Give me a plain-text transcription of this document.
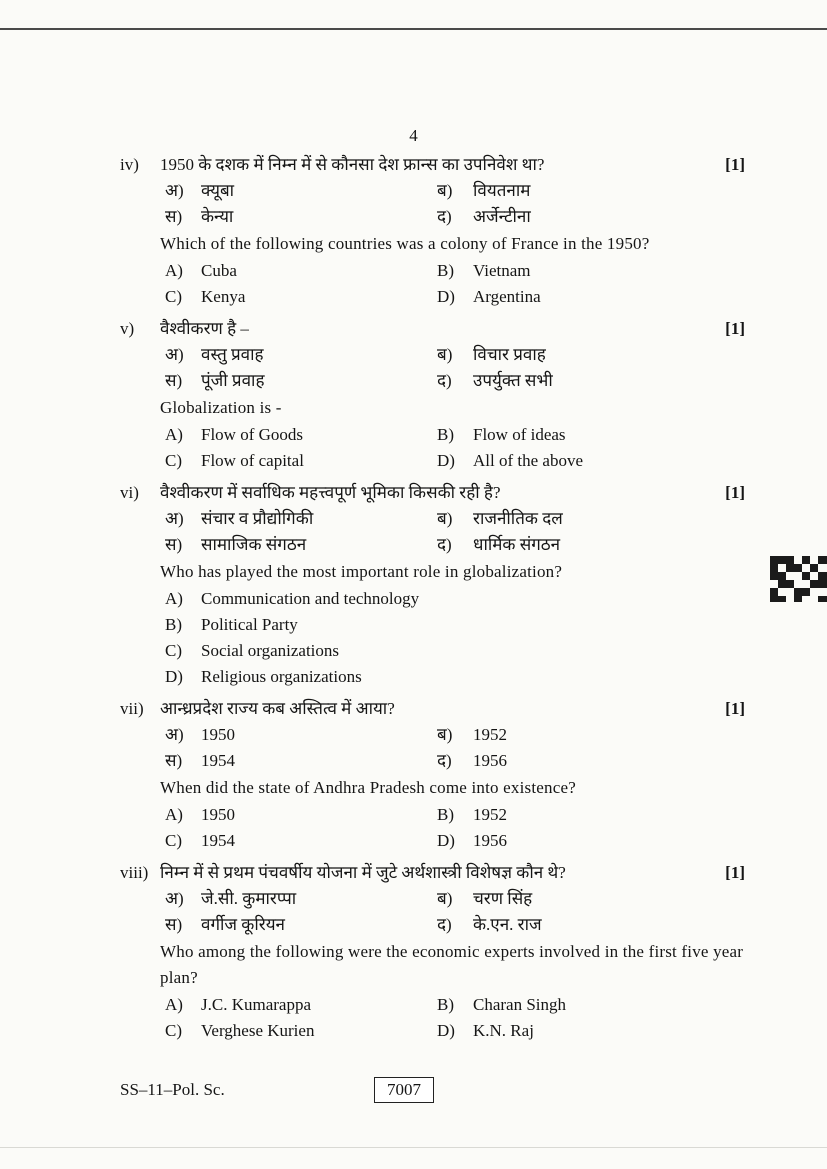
4
iv)	1950 के दशक में निम्न में से कौनसा देश फ्रान्स का उपनिवेश था?	[1]
अ)	क्यूबा	ब)	वियतनाम
स)	केन्या	द)	अर्जेन्टीना
Which of the following countries was a colony of France in the 1950?
A)	Cuba	B)	Vietnam
C)	Kenya	D)	Argentina
v)	वैश्वीकरण है –	[1]
अ)	वस्तु प्रवाह	ब)	विचार प्रवाह
स)	पूंजी प्रवाह	द)	उपर्युक्त सभी
Globalization is -
A)	Flow of Goods	B)	Flow of ideas
C)	Flow of capital	D)	All of the above
vi)	वैश्वीकरण में सर्वाधिक महत्त्वपूर्ण भूमिका किसकी रही है?	[1]
अ)	संचार व प्रौद्योगिकी	ब)	राजनीतिक दल
स)	सामाजिक संगठन	द)	धार्मिक संगठन
Who has played the most important role in globalization?
A)	Communication and technology
B)	Political Party
C)	Social organizations
D)	Religious organizations
vii) आन्ध्रप्रदेश राज्य कब अस्तित्व में आया?	[1]
अ)	1950	ब)	1952
स)	1954	द)	1956
When did the state of Andhra Pradesh come into existence?
A)	1950	B)	1952
C)	1954	D)	1956
viii) निम्न में से प्रथम पंचवर्षीय योजना में जुटे अर्थशास्त्री विशेषज्ञ कौन थे?	[1]
अ)	जे.सी. कुमारप्पा	ब)	चरण सिंह
स)	वर्गीज कूरियन	द)	के.एन. राज
Who among the following were the economic experts involved in the first five year plan?
A)	J.C. Kumarappa	B)	Charan Singh
C)	Verghese Kurien	D)	K.N. Raj
SS–11–Pol. Sc.	7007
